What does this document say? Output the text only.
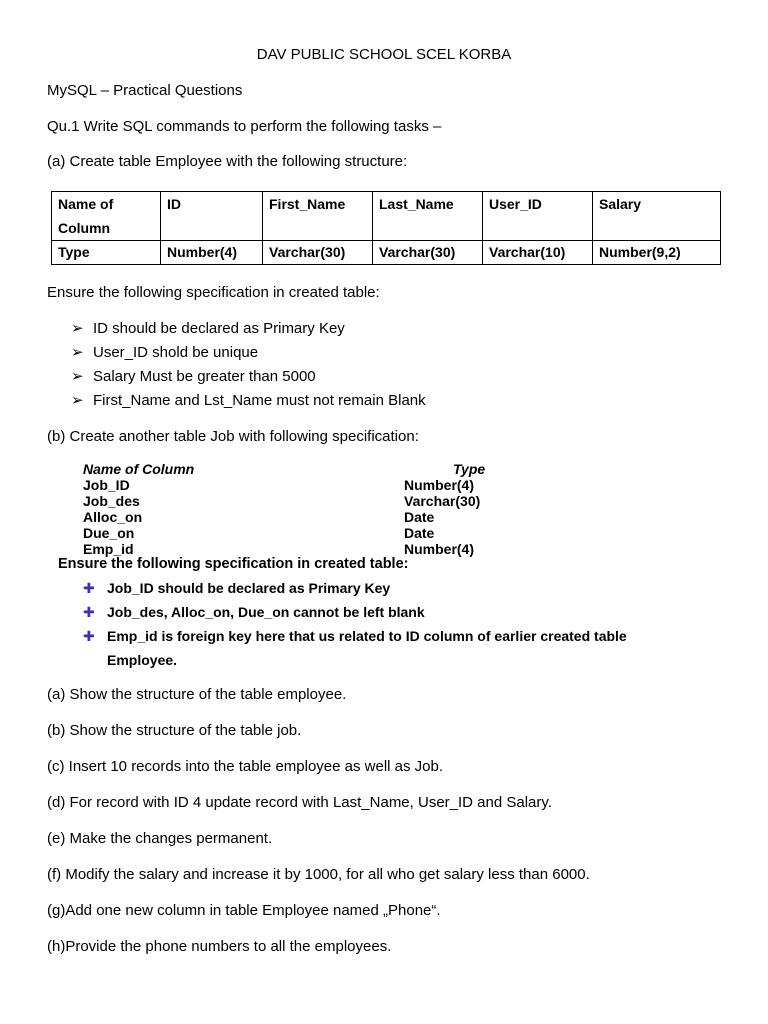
DAV PUBLIC SCHOOL SCEL KORBA
MySQL – Practical Questions
Qu.1 Write SQL commands to perform the following tasks –
(a) Create table Employee with the following structure:
Name of
Column	ID	First_Name	Last_Name	User_ID	Salary
Type	Number(4)	Varchar(30)	Varchar(30)	Varchar(10)	Number(9,2)
Ensure the following specification in created table:
➢ ID should be declared as Primary Key
➢ User_ID shold be unique
➢ Salary Must be greater than 5000
➢ First_Name and Lst_Name must not remain Blank
(b) Create another table Job with following specification:
Name of Column	Type
Job_ID	Number(4)
Job_des	Varchar(30)
Alloc_on	Date
Due_on	Date
Emp_id	Number(4)
Ensure the following specification in created table:
✚ Job_ID should be declared as Primary Key
✚ Job_des, Alloc_on, Due_on cannot be left blank
✚ Emp_id is foreign key here that us related to ID column of earlier created table
Employee.
(a) Show the structure of the table employee.
(b) Show the structure of the table job.
(c) Insert 10 records into the table employee as well as Job.
(d) For record with ID 4 update record with Last_Name, User_ID and Salary.
(e) Make the changes permanent.
(f) Modify the salary and increase it by 1000, for all who get salary less than 6000.
(g)Add one new column in table Employee named „Phone“.
(h)Provide the phone numbers to all the employees.
